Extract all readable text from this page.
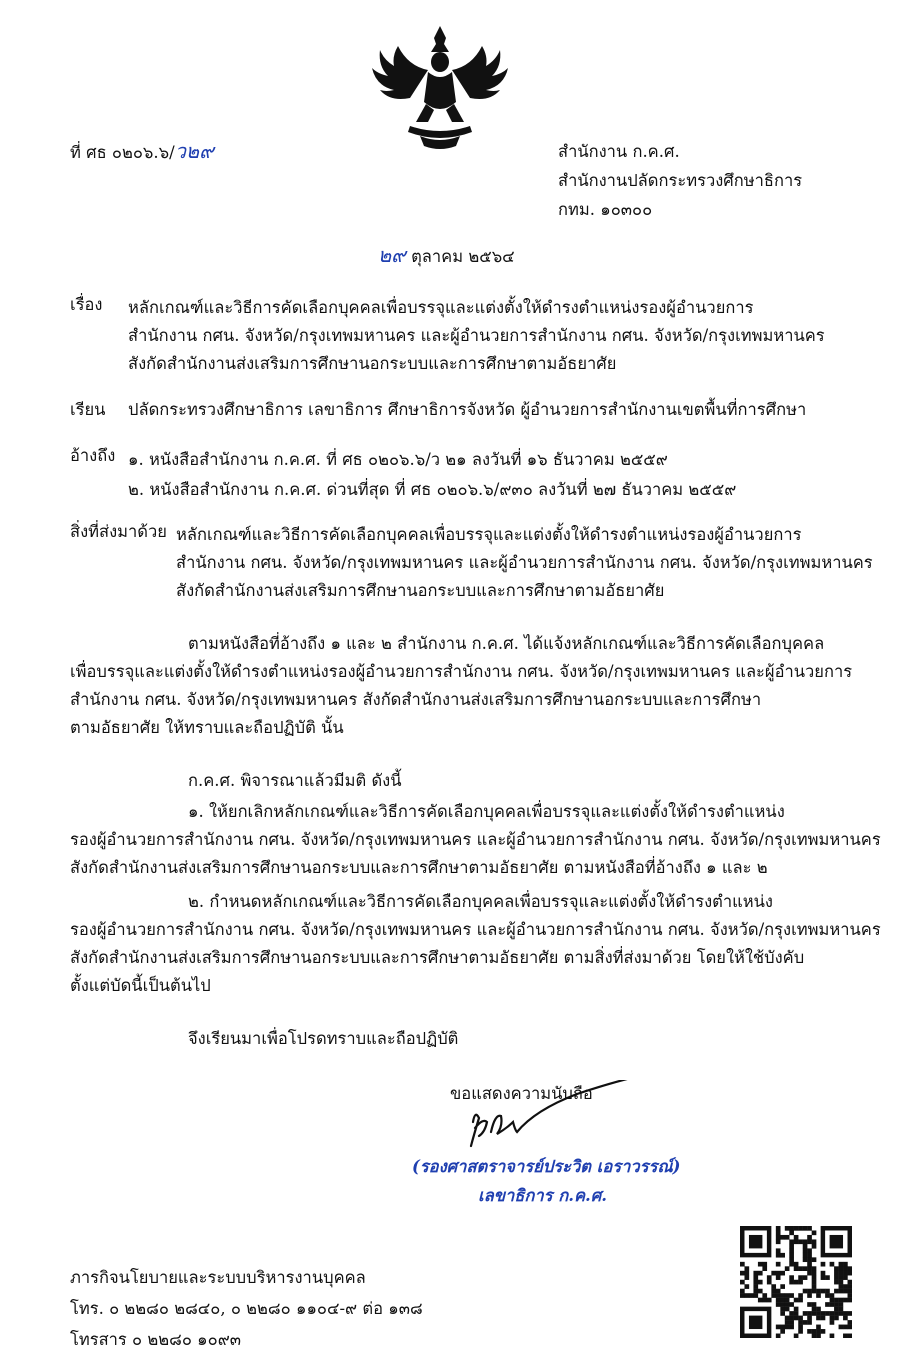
ที่ ศธ ๐๒๐๖.๖/ว๒๙	สำนักงาน ก.ค.ศ.
สำนักงานปลัดกระทรวงศึกษาธิการ
กทม. ๑๐๓๐๐
๒๙ ตุลาคม ๒๕๖๔
เรื่อง หลักเกณฑ์และวิธีการคัดเลือกบุคคลเพื่อบรรจุและแต่งตั้งให้ดำรงตำแหน่งรองผู้อำนวยการ
สำนักงาน กศน. จังหวัด/กรุงเทพมหานคร และผู้อำนวยการสำนักงาน กศน. จังหวัด/กรุงเทพมหานคร
สังกัดสำนักงานส่งเสริมการศึกษานอกระบบและการศึกษาตามอัธยาศัย
เรียน ปลัดกระทรวงศึกษาธิการ เลขาธิการ ศึกษาธิการจังหวัด ผู้อำนวยการสำนักงานเขตพื้นที่การศึกษา
อ้างถึง ๑. หนังสือสำนักงาน ก.ค.ศ. ที่ ศธ ๐๒๐๖.๖/ว ๒๑ ลงวันที่ ๑๖ ธันวาคม ๒๕๕๙
๒. หนังสือสำนักงาน ก.ค.ศ. ด่วนที่สุด ที่ ศธ ๐๒๐๖.๖/๙๓๐ ลงวันที่ ๒๗ ธันวาคม ๒๕๕๙
สิ่งที่ส่งมาด้วย หลักเกณฑ์และวิธีการคัดเลือกบุคคลเพื่อบรรจุและแต่งตั้งให้ดำรงตำแหน่งรองผู้อำนวยการ
สำนักงาน กศน. จังหวัด/กรุงเทพมหานคร และผู้อำนวยการสำนักงาน กศน. จังหวัด/กรุงเทพมหานคร
สังกัดสำนักงานส่งเสริมการศึกษานอกระบบและการศึกษาตามอัธยาศัย
ตามหนังสือที่อ้างถึง ๑ และ ๒ สำนักงาน ก.ค.ศ. ได้แจ้งหลักเกณฑ์และวิธีการคัดเลือกบุคคล
เพื่อบรรจุและแต่งตั้งให้ดำรงตำแหน่งรองผู้อำนวยการสำนักงาน กศน. จังหวัด/กรุงเทพมหานคร และผู้อำนวยการ
สำนักงาน กศน. จังหวัด/กรุงเทพมหานคร สังกัดสำนักงานส่งเสริมการศึกษานอกระบบและการศึกษา
ตามอัธยาศัย ให้ทราบและถือปฏิบัติ นั้น
ก.ค.ศ. พิจารณาแล้วมีมติ ดังนี้
๑. ให้ยกเลิกหลักเกณฑ์และวิธีการคัดเลือกบุคคลเพื่อบรรจุและแต่งตั้งให้ดำรงตำแหน่ง
รองผู้อำนวยการสำนักงาน กศน. จังหวัด/กรุงเทพมหานคร และผู้อำนวยการสำนักงาน กศน. จังหวัด/กรุงเทพมหานคร
สังกัดสำนักงานส่งเสริมการศึกษานอกระบบและการศึกษาตามอัธยาศัย ตามหนังสือที่อ้างถึง ๑ และ ๒
๒. กำหนดหลักเกณฑ์และวิธีการคัดเลือกบุคคลเพื่อบรรจุและแต่งตั้งให้ดำรงตำแหน่ง
รองผู้อำนวยการสำนักงาน กศน. จังหวัด/กรุงเทพมหานคร และผู้อำนวยการสำนักงาน กศน. จังหวัด/กรุงเทพมหานคร
สังกัดสำนักงานส่งเสริมการศึกษานอกระบบและการศึกษาตามอัธยาศัย ตามสิ่งที่ส่งมาด้วย โดยให้ใช้บังคับ
ตั้งแต่บัดนี้เป็นต้นไป
จึงเรียนมาเพื่อโปรดทราบและถือปฏิบัติ
ขอแสดงความนับถือ
(รองศาสตราจารย์ประวิต เอราวรรณ์)
เลขาธิการ ก.ค.ศ.
ภารกิจนโยบายและระบบบริหารงานบุคคล
โทร. ๐ ๒๒๘๐ ๒๘๔๐, ๐ ๒๒๘๐ ๑๑๐๔-๙ ต่อ ๑๓๘
โทรสาร ๐ ๒๒๘๐ ๑๐๙๓
